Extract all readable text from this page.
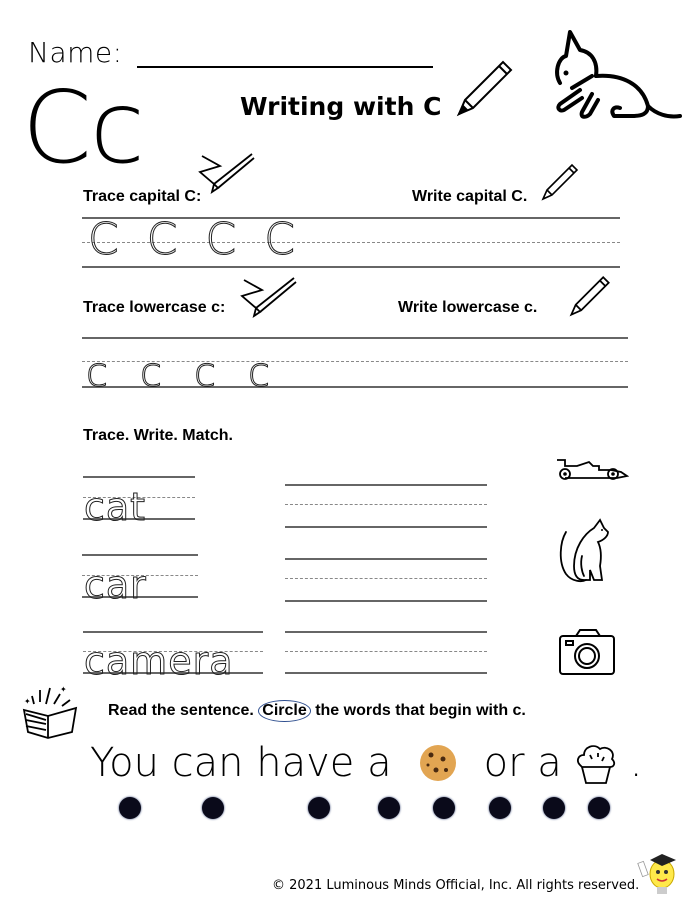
Name:
Cc	Writing with C
Trace capital C:	Write capital C.
C C C C
Trace lowercase c:	Write lowercase c.
c c c c
Trace. Write. Match.
cat
car
camera
✦
✦
Read the sentence. Circle the words that begin with c.
You can have a or a .
© 2021 Luminous Minds Official, Inc. All rights reserved.
